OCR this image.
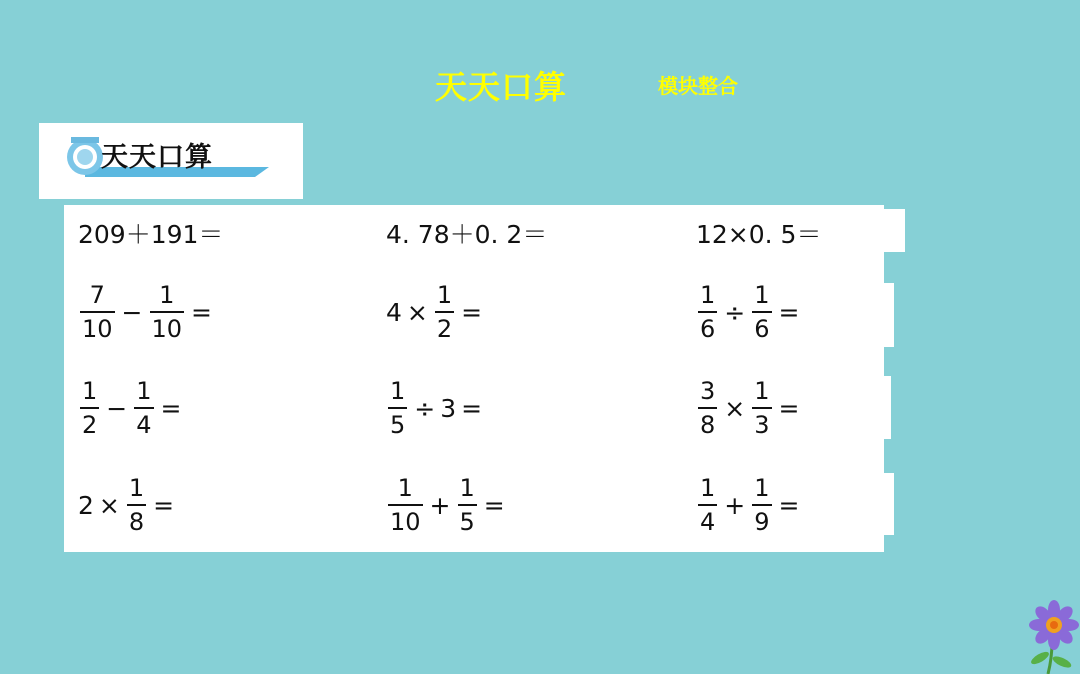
天天口算	模块整合
天天口算
209＋191＝	4. 78＋0. 2＝	12×0. 5＝
$\frac{7}{10} - \frac{1}{10}$ =	$4 \times \frac{1}{2}$ =	$\frac{1}{6} \div \frac{1}{6}$ =
$\frac{1}{2} - \frac{1}{4}$ =	$\frac{1}{5} \div 3$ =	$\frac{3}{8} \times \frac{1}{3}$ =
$2 \times \frac{1}{8}$ =	$\frac{1}{10} + \frac{1}{5}$ =	$\frac{1}{4} + \frac{1}{9}$ =
